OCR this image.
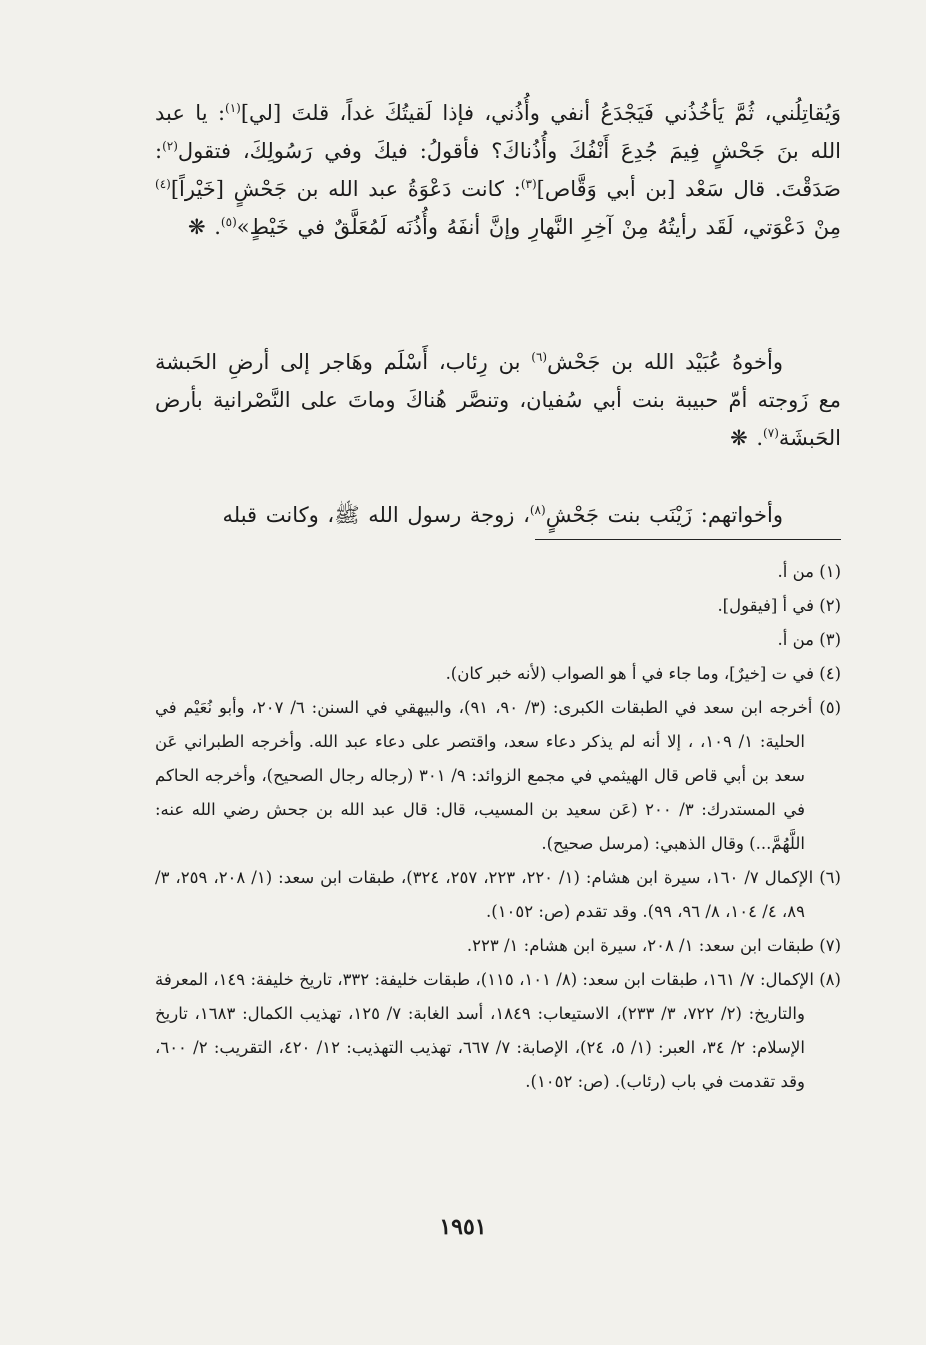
وَيُقاتِلُني، ثُمَّ يَأخُذُني فَيَجْدَعُ أنفي وأُذُني، فإذا لَقيتُكَ غداً، قلتَ [لي]$^{(١)}$: يا عبد الله بنَ جَحْشٍ فِيمَ جُدِعَ أَنْفُكَ وأُذُناكَ؟ فأقولُ: فيكَ وفي رَسُولِكَ، فتقول$^{(٢)}$: صَدَقْتَ. قال سَعْد [بن أبي وَقَّاص]$^{(٣)}$: كانت دَعْوَةُ عبد الله بن جَحْشٍ [خَيْراً]$^{(٤)}$ مِنْ دَعْوَتي، لَقَد رأيتُهُ مِنْ آخِرِ النَّهارِ وإنَّ أنفَهُ وأُذُنَه لَمُعَلَّقٌ في خَيْطٍ»$^{(٥)}$. ❋
وأخوهُ عُبَيْد الله بن جَحْش$^{(٦)}$ بن رِئاب، أَسْلَم وهَاجر إلى أرضِ الحَبشة مع زَوجته أمّ حبيبة بنت أبي سُفيان، وتنصَّر هُناكَ وماتَ على النَّصْرانية بأرض الحَبشَة$^{(٧)}$. ❋
وأخواتهم: زَيْنَب بنت جَحْشٍ$^{(٨)}$، زوجة رسول الله ﷺ، وكانت قبله
(١) من أ.
(٢) في أ [فيقول].
(٣) من أ.
(٤) في ت [خيرٌ]، وما جاء في أ هو الصواب (لأنه خبر كان).
(٥) أخرجه ابن سعد في الطبقات الكبرى: (٣/ ٩٠، ٩١)، والبيهقي في السنن: ٦/ ٢٠٧، وأبو نُعَيْم في الحلية: ١/ ١٠٩، ، إلا أنه لم يذكر دعاء سعد، واقتصر على دعاء عبد الله. وأخرجه الطبراني عَن سعد بن أبي قاص قال الهيثمي في مجمع الزوائد: ٩/ ٣٠١ (رجاله رجال الصحيح)، وأخرجه الحاكم في المستدرك: ٣/ ٢٠٠ (عَن سعيد بن المسيب، قال: قال عبد الله بن جحش رضي الله عنه: اللَّهُمَّ...) وقال الذهبي: (مرسل صحيح).
(٦) الإكمال ٧/ ١٦٠، سيرة ابن هشام: (١/ ٢٢٠، ٢٢٣، ٢٥٧، ٣٢٤)، طبقات ابن سعد: (١/ ٢٠٨، ٢٥٩، ٣/ ٨٩، ٤/ ١٠٤، ٨/ ٩٦، ٩٩). وقد تقدم (ص: ١٠٥٢).
(٧) طبقات ابن سعد: ١/ ٢٠٨، سيرة ابن هشام: ١/ ٢٢٣.
(٨) الإكمال: ٧/ ١٦١، طبقات ابن سعد: (٨/ ١٠١، ١١٥)، طبقات خليفة: ٣٣٢، تاريخ خليفة: ١٤٩، المعرفة والتاريخ: (٢/ ٧٢٢، ٣/ ٢٣٣)، الاستيعاب: ١٨٤٩، أسد الغابة: ٧/ ١٢٥، تهذيب الكمال: ١٦٨٣، تاريخ الإسلام: ٢/ ٣٤، العبر: (١/ ٥، ٢٤)، الإصابة: ٧/ ٦٦٧، تهذيب التهذيب: ١٢/ ٤٢٠، التقريب: ٢/ ٦٠٠، وقد تقدمت في باب (رئاب). (ص: ١٠٥٢).
١٩٥١
